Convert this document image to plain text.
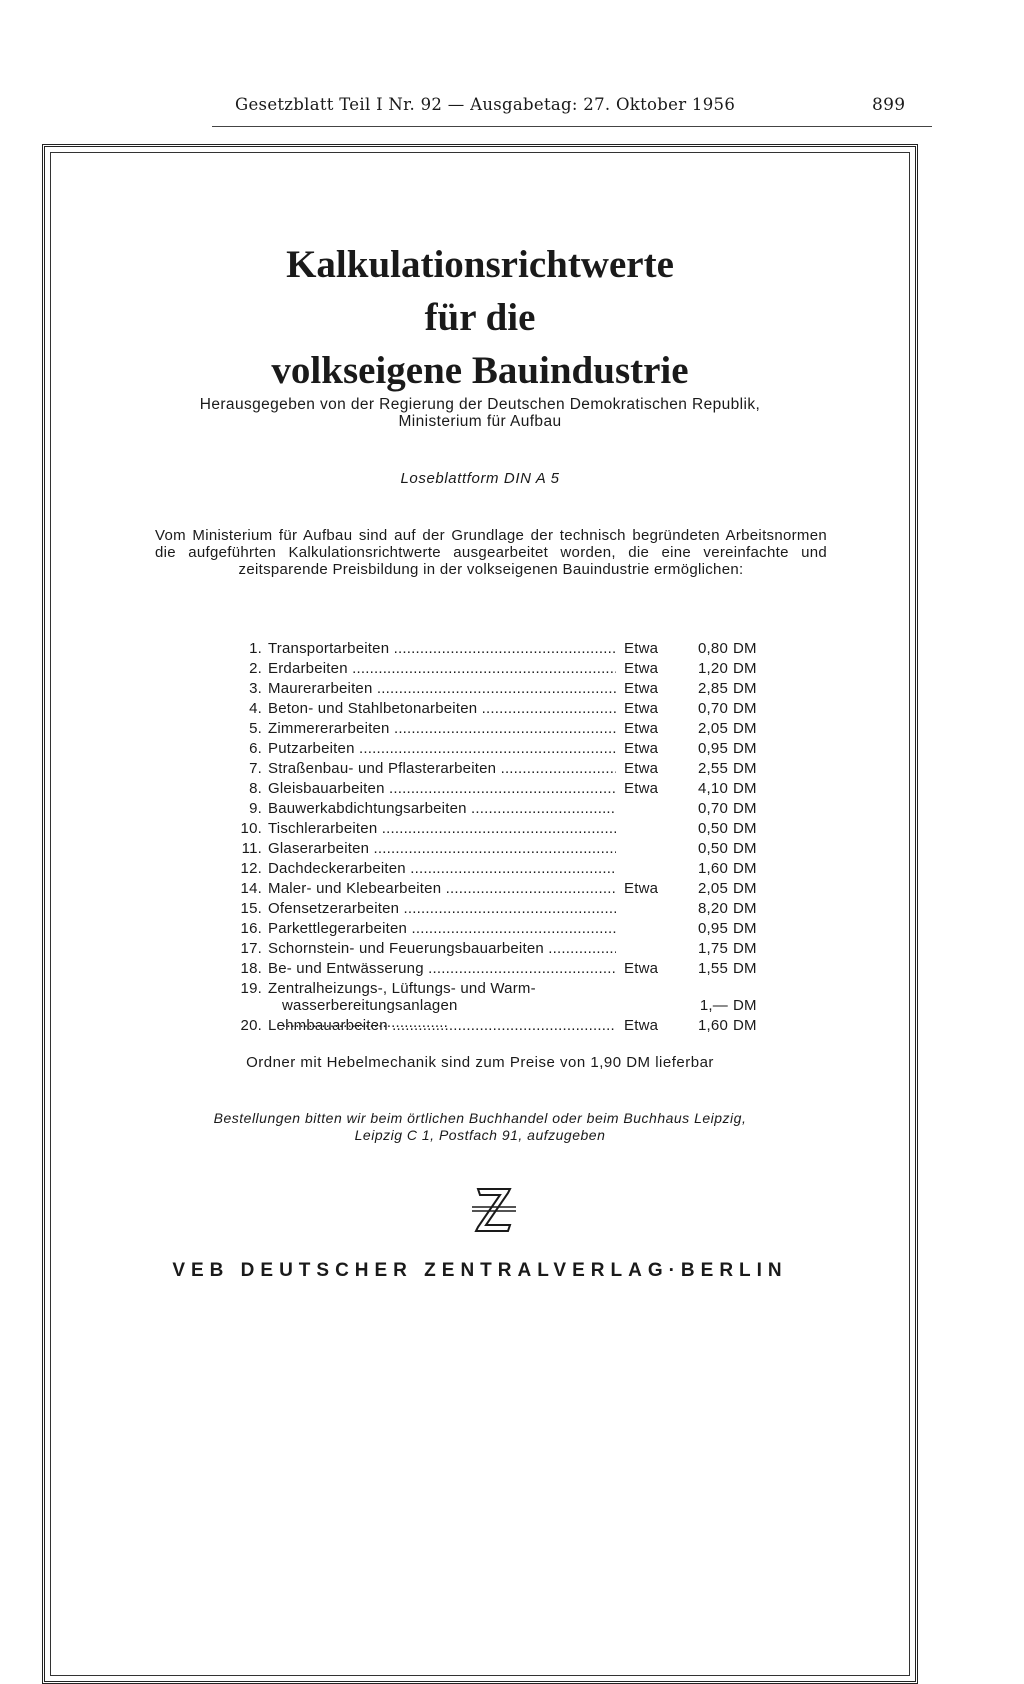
Gesetzblatt Teil I Nr. 92 — Ausgabetag: 27. Oktober 1956	899
Kalkulationsrichtwerte
für die
volkseigene Bauindustrie
Herausgegeben von der Regierung der Deutschen Demokratischen Republik,
Ministerium für Aufbau
Loseblattform DIN A 5
Vom Ministerium für Aufbau sind auf der Grundlage der technisch begründeten Arbeitsnormen die aufgeführten Kalkulationsrichtwerte ausgearbeitet worden, die eine vereinfachte und zeitsparende Preisbildung in der volkseigenen Bauindustrie ermöglichen:
1. Transportarbeiten .....	Etwa	0,80 DM
2. Erdarbeiten .....	Etwa	1,20 DM
3. Maurerarbeiten .....	Etwa	2,85 DM
4. Beton- und Stahlbetonarbeiten .....	Etwa	0,70 DM
5. Zimmererarbeiten .....	Etwa	2,05 DM
6. Putzarbeiten .....	Etwa	0,95 DM
7. Straßenbau- und Pflasterarbeiten .....	Etwa	2,55 DM
8. Gleisbauarbeiten .....	Etwa	4,10 DM
9. Bauwerkabdichtungsarbeiten .....	0,70 DM
10. Tischlerarbeiten .....	0,50 DM
11. Glaserarbeiten .....	0,50 DM
12. Dachdeckerarbeiten .....	1,60 DM
14. Maler- und Klebearbeiten .....	Etwa	2,05 DM
15. Ofensetzerarbeiten .....	8,20 DM
16. Parkettlegerarbeiten .....	0,95 DM
17. Schornstein- und Feuerungsbauarbeiten .....	1,75 DM
18. Be- und Entwässerung .....	Etwa	1,55 DM
19. Zentralheizungs-, Lüftungs- und Warm-
wasserbereitungsanlagen .....	1,— DM
20. Lehmbauarbeiten .....	Etwa	1,60 DM
Ordner mit Hebelmechanik sind zum Preise von 1,90 DM lieferbar
Bestellungen bitten wir beim örtlichen Buchhandel oder beim Buchhaus Leipzig,
Leipzig C 1, Postfach 91, aufzugeben
VEB DEUTSCHER ZENTRALVERLAG·BERLIN
